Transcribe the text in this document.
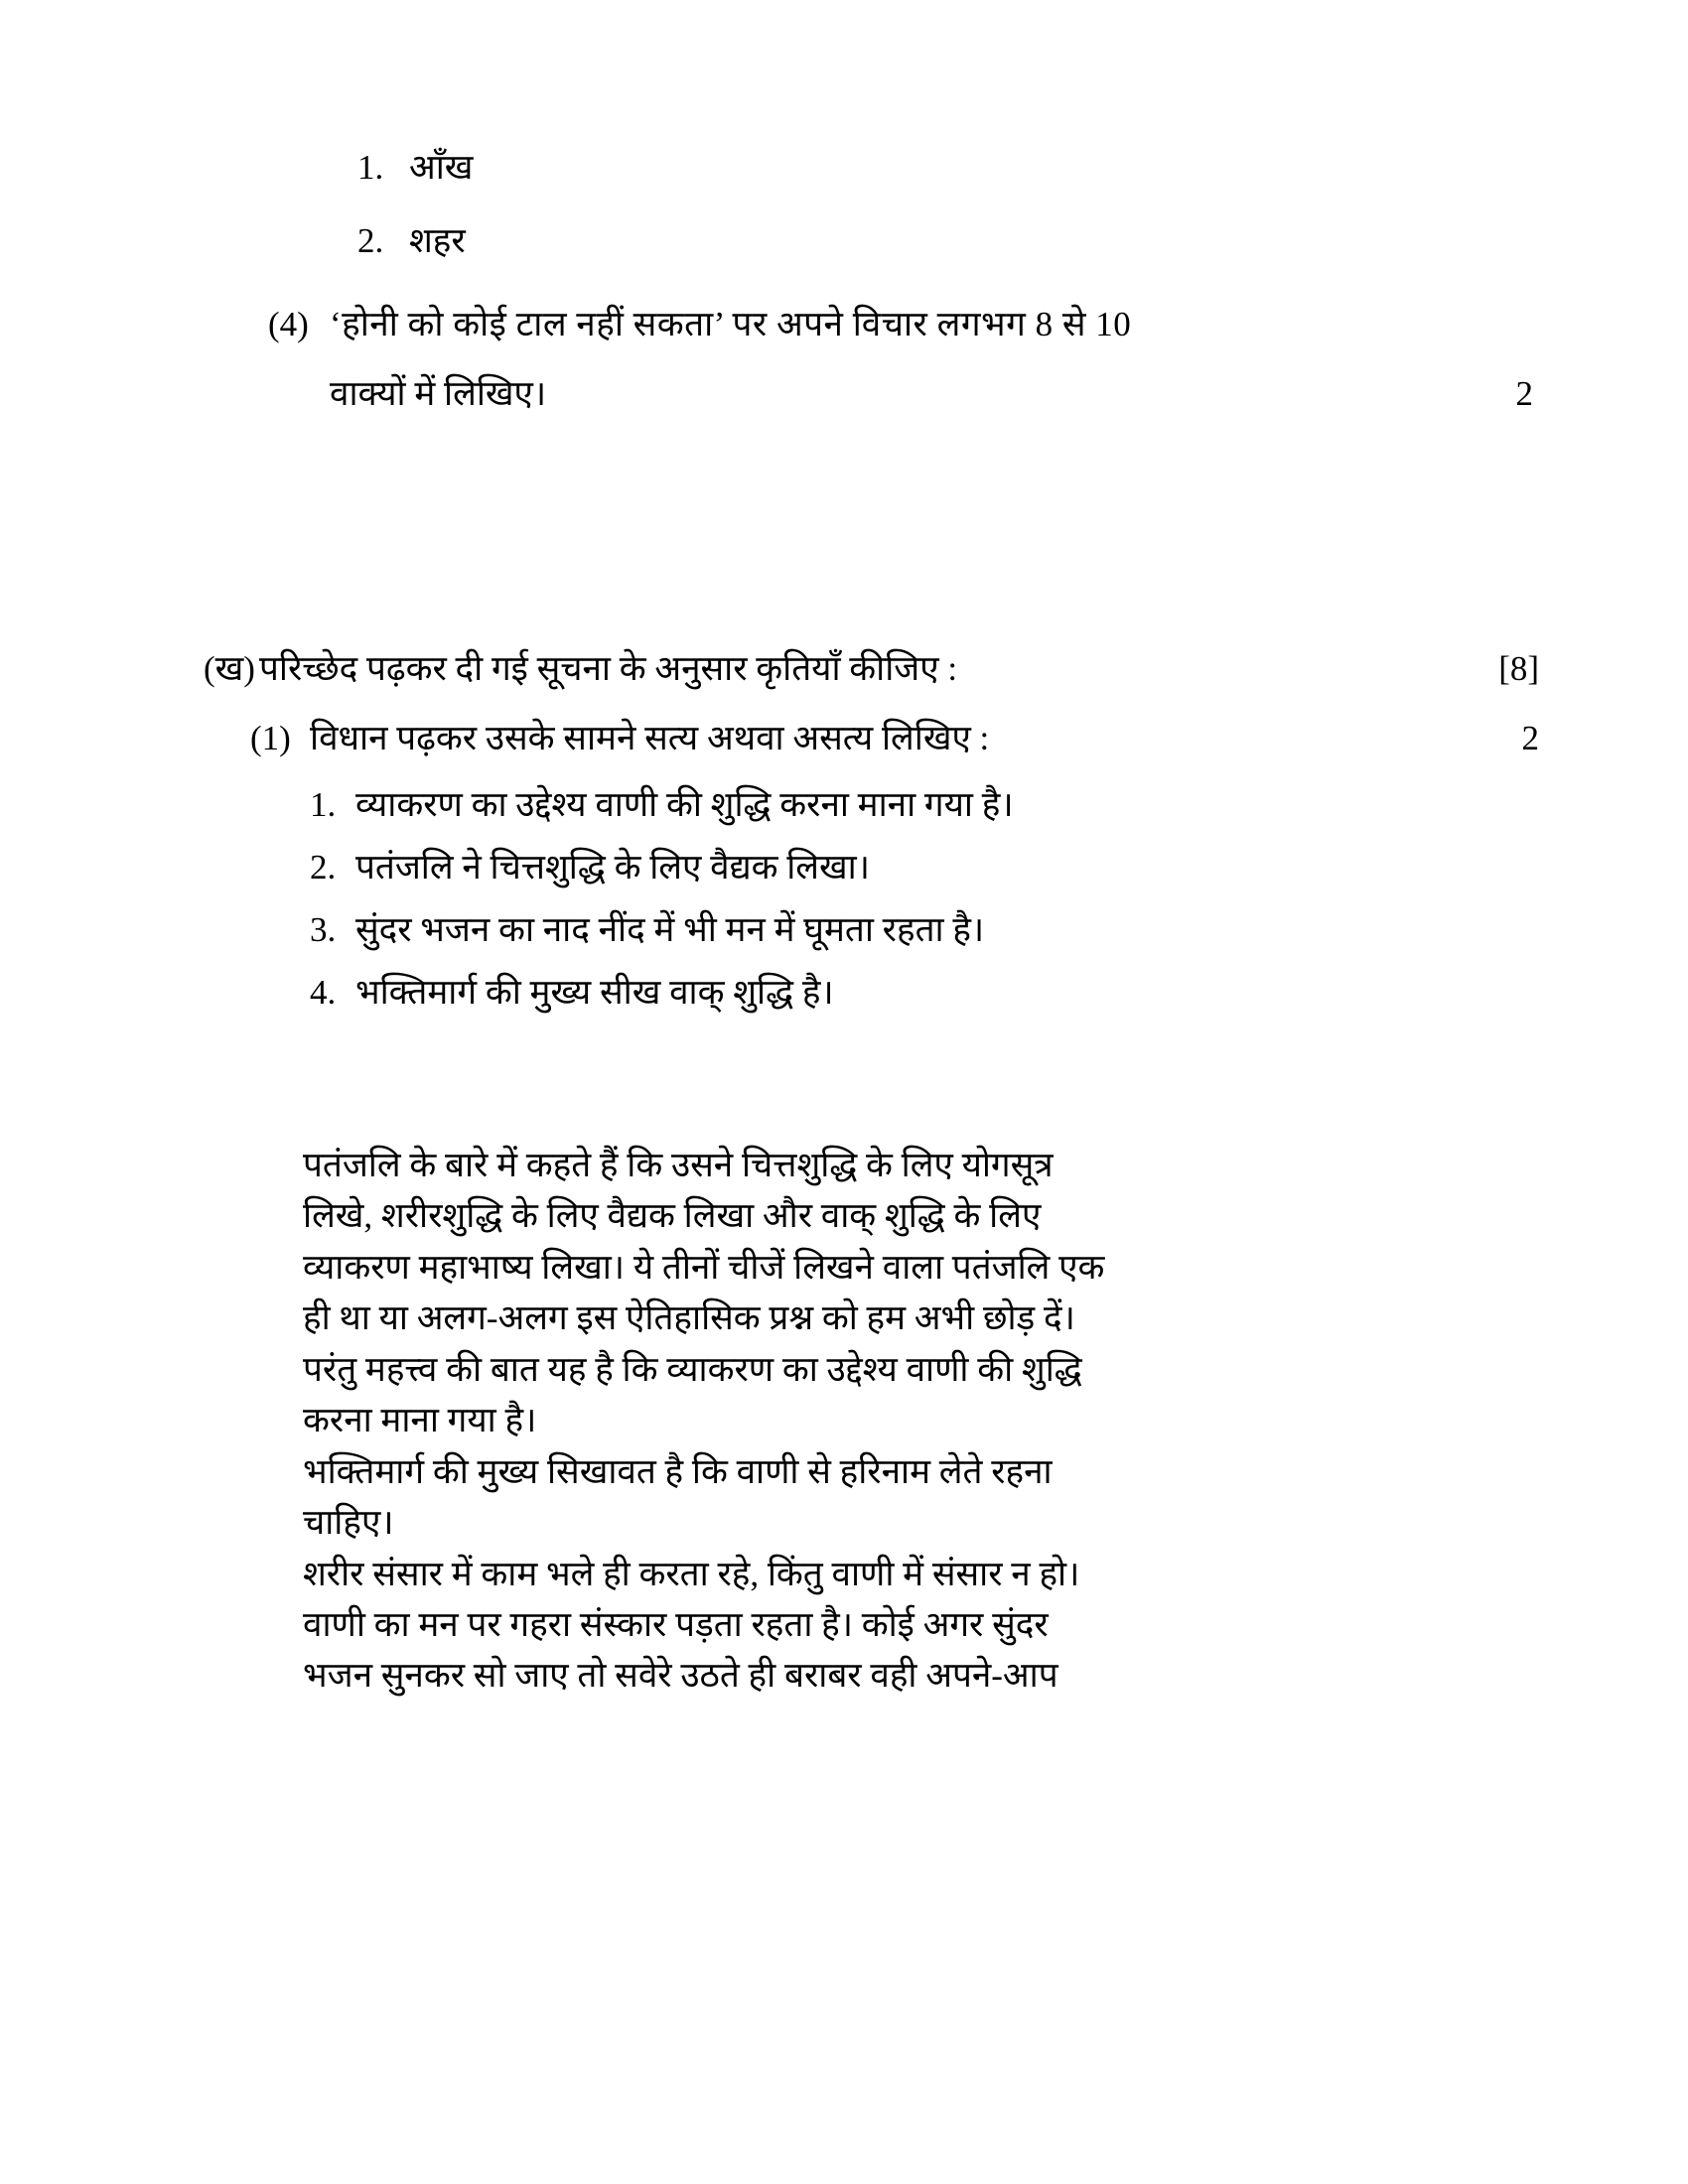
1. आँख
2. शहर
(4) ‘होनी को कोई टाल नहीं सकता’ पर अपने विचार लगभग 8 से 10
वाक्यों में लिखिए।	2
(ख) परिच्छेद पढ़कर दी गई सूचना के अनुसार कृतियाँ कीजिए :	[8]
(1) विधान पढ़कर उसके सामने सत्य अथवा असत्य लिखिए :	2
1. व्याकरण का उद्देश्य वाणी की शुद्धि करना माना गया है।
2. पतंजलि ने चित्तशुद्धि के लिए वैद्यक लिखा।
3. सुंदर भजन का नाद नींद में भी मन में घूमता रहता है।
4. भक्तिमार्ग की मुख्य सीख वाक् शुद्धि है।
पतंजलि के बारे में कहते हैं कि उसने चित्तशुद्धि के लिए योगसूत्र
लिखे, शरीरशुद्धि के लिए वैद्यक लिखा और वाक् शुद्धि के लिए
व्याकरण महाभाष्य लिखा। ये तीनों चीजें लिखने वाला पतंजलि एक
ही था या अलग-अलग इस ऐतिहासिक प्रश्न को हम अभी छोड़ दें।
परंतु महत्त्व की बात यह है कि व्याकरण का उद्देश्य वाणी की शुद्धि
करना माना गया है।
भक्तिमार्ग की मुख्य सिखावत है कि वाणी से हरिनाम लेते रहना
चाहिए।
शरीर संसार में काम भले ही करता रहे, किंतु वाणी में संसार न हो।
वाणी का मन पर गहरा संस्कार पड़ता रहता है। कोई अगर सुंदर
भजन सुनकर सो जाए तो सवेरे उठते ही बराबर वही अपने-आप
